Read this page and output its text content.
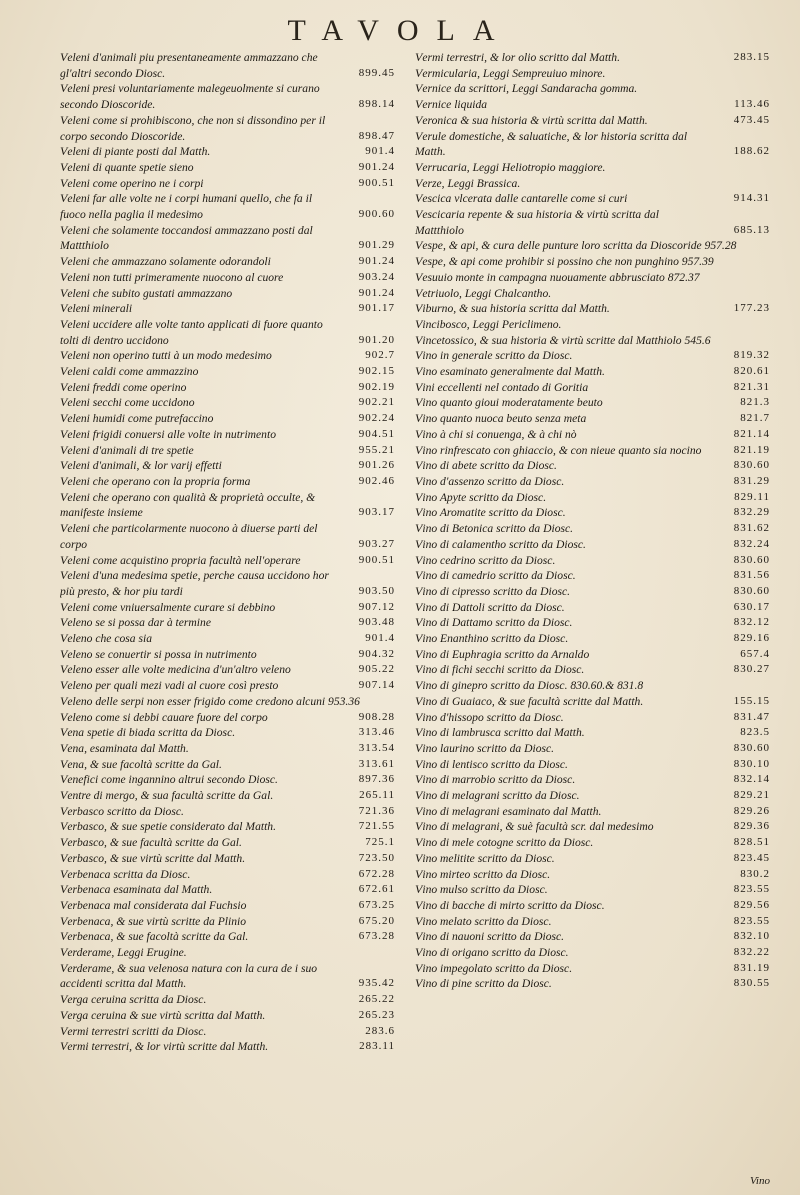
TAVOLA
Veleni d'animali piu presentaneamente ammazzano che gl'altri secondo Diosc.	899.45
Veleni presi voluntariamente malegeuolmente si curano secondo Dioscoride.	898.14
Veleni come si prohibiscono, che non si dissondino per il corpo secondo Dioscoride.	898.47
Veleni di piante posti dal Matth.	901.4
Veleni di quante spetie sieno	901.24
Veleni come operino ne i corpi	900.51
Veleni far alle volte ne i corpi humani quello, che fa il fuoco nella paglia il medesimo	900.60
Veleni che solamente toccandosi ammazzano posti dal Mattthiolo	901.29
Veleni che ammazzano solamente odorandoli	901.24
Veleni non tutti primeramente nuocono al cuore	903.24
Veleni che subito gustati ammazzano	901.24
Veleni minerali	901.17
Veleni uccidere alle volte tanto applicati di fuore quanto tolti di dentro uccidono	901.20
Veleni non operino tutti à un modo medesimo	902.7
Veleni caldi come ammazzino	902.15
Veleni freddi come operino	902.19
Veleni secchi come uccidono	902.21
Veleni humidi come putrefaccino	902.24
Veleni frigidi conuersi alle volte in nutrimento	904.51
Veleni d'animali di tre spetie	955.21
Veleni d'animali, & lor varij effetti	901.26
Veleni che operano con la propria forma	902.46
Veleni che operano con qualità & proprietà occulte, & manifeste insieme	903.17
Veleni che particolarmente nuocono à diuerse parti del corpo	903.27
Veleni come acquistino propria facultà nell'operare	900.51
Veleni d'una medesima spetie, perche causa uccidono hor più presto, & hor piu tardi	903.50
Veleni come vniuersalmente curare si debbino	907.12
Veleno se si possa dar à termine	903.48
Veleno che cosa sia	901.4
Veleno se conuertir si possa in nutrimento	904.32
Veleno esser alle volte medicina d'un'altro veleno	905.22
Veleno per quali mezi vadi al cuore così presto	907.14
Veleno delle serpi non esser frigido come credono alcuni 953.36
Veleno come si debbi cauare fuore del corpo	908.28
Vena spetie di biada scritta da Diosc.	313.46
Vena, esaminata dal Matth.	313.54
Vena, & sue facoltà scritte da Gal.	313.61
Venefici come ingannino altrui secondo Diosc.	897.36
Ventre di mergo, & sua facultà scritte da Gal.	265.11
Verbasco scritto da Diosc.	721.36
Verbasco, & sue spetie considerato dal Matth.	721.55
Verbasco, & sue facultà scritte da Gal.	725.1
Verbasco, & sue virtù scritte dal Matth.	723.50
Verbenaca scritta da Diosc.	672.28
Verbenaca esaminata dal Matth.	672.61
Verbenaca mal considerata dal Fuchsio	673.25
Verbenaca, & sue virtù scritte da Plinio	675.20
Verbenaca, & sue facoltà scritte da Gal.	673.28
Verderame, Leggi Erugine.
Verderame, & sua velenosa natura con la cura de i suo accidenti scritta dal Matth.	935.42
Verga ceruina scritta da Diosc.	265.22
Verga ceruina & sue virtù scritta dal Matth.	265.23
Vermi terrestri scritti da Diosc.	283.6
Vermi terrestri, & lor virtù scritte dal Matth.	283.11
Vermi terrestri, & lor olio scritto dal Matth.	283.15
Vermicularia, Leggi Sempreuiuo minore.
Vernice da scrittori, Leggi Sandaracha gomma.
Vernice liquida	113.46
Veronica & sua historia & virtù scritta dal Matth.	473.45
Verule domestiche, & saluatiche, & lor historia scritta dal Matth.	188.62
Verrucaria, Leggi Heliotropio maggiore.
Verze, Leggi Brassica.
Vescica vlcerata dalle cantarelle come si curi	914.31
Vescicaria repente & sua historia & virtù scritta dal Mattthiolo	685.13
Vespe, & api, & cura delle punture loro scritta da Dioscoride 957.28
Vespe, & api come prohibir si possino che non punghino 957.39
Vesuuio monte in campagna nuouamente abbrusciato 872.37
Vetriuolo, Leggi Chalcantho.
Viburno, & sua historia scritta dal Matth.	177.23
Vincibosco, Leggi Periclimeno.
Vincetossico, & sua historia & virtù scritte dal Matthiolo 545.6
Vino in generale scritto da Diosc.	819.32
Vino esaminato generalmente dal Matth.	820.61
Vini eccellenti nel contado di Goritia	821.31
Vino quanto gioui moderatamente beuto	821.3
Vino quanto nuoca beuto senza meta	821.7
Vino à chi si conuenga, & à chi nò	821.14
Vino rinfrescato con ghiaccio, & con nieue quanto sia nocino	821.19
Vino di abete scritto da Diosc.	830.60
Vino d'assenzo scritto da Diosc.	831.29
Vino Apyte scritto da Diosc.	829.11
Vino Aromatite scritto da Diosc.	832.29
Vino di Betonica scritto da Diosc.	831.62
Vino di calamentho scritto da Diosc.	832.24
Vino cedrino scritto da Diosc.	830.60
Vino di camedrio scritto da Diosc.	831.56
Vino di cipresso scritto da Diosc.	830.60
Vino di Dattoli scritto da Diosc.	630.17
Vino di Dattamo scritto da Diosc.	832.12
Vino Enanthino scritto da Diosc.	829.16
Vino di Euphragia scritto da Arnaldo	657.4
Vino di fichi secchi scritto da Diosc.	830.27
Vino di ginepro scritto da Diosc. 830.60.& 831.8
Vino di Guaiaco, & sue facultà scritte dal Matth.	155.15
Vino d'hissopo scritto da Diosc.	831.47
Vino di lambrusca scritto dal Matth.	823.5
Vino laurino scritto da Diosc.	830.60
Vino di lentisco scritto da Diosc.	830.10
Vino di marrobio scritto da Diosc.	832.14
Vino di melagrani scritto da Diosc.	829.21
Vino di melagrani esaminato dal Matth.	829.26
Vino di melagrani, & suè facultà scr. dal medesimo	829.36
Vino di mele cotogne scritto da Diosc.	828.51
Vino melitite scritto da Diosc.	823.45
Vino mirteo scritto da Diosc.	830.2
Vino mulso scritto da Diosc.	823.55
Vino di bacche di mirto scritto da Diosc.	829.56
Vino melato scritto da Diosc.	823.55
Vino di nauoni scritto da Diosc.	832.10
Vino di origano scritto da Diosc.	832.22
Vino impegolato scritto da Diosc.	831.19
Vino di pine scritto da Diosc.	830.55
Vino
